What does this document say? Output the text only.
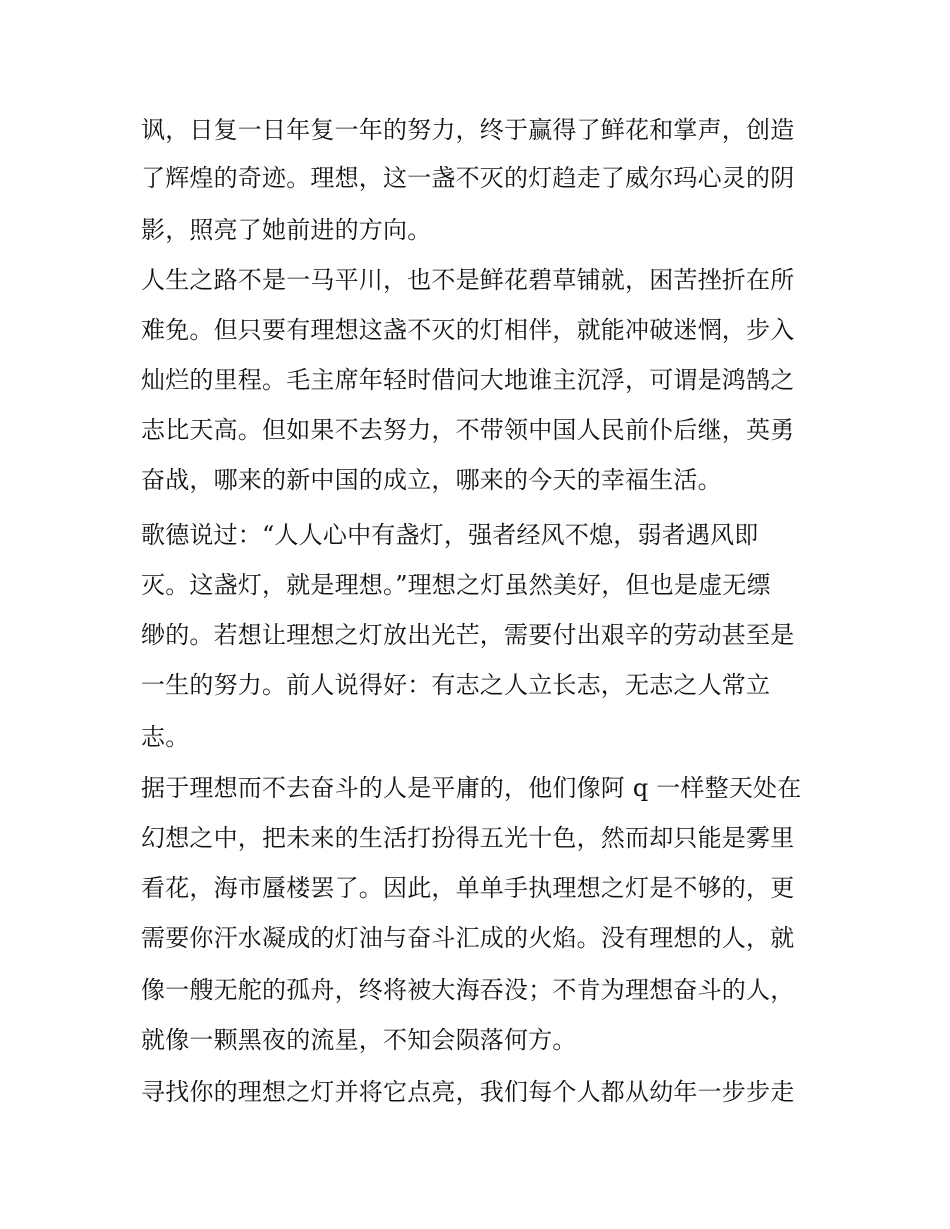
讽，日复一日年复一年的努力，终于赢得了鲜花和掌声，创造
了辉煌的奇迹。理想，这一盏不灭的灯趋走了威尔玛心灵的阴
影，照亮了她前进的方向。
人生之路不是一马平川，也不是鲜花碧草铺就，困苦挫折在所
难免。但只要有理想这盏不灭的灯相伴，就能冲破迷惘，步入
灿烂的里程。毛主席年轻时借问大地谁主沉浮，可谓是鸿鹄之
志比天高。但如果不去努力，不带领中国人民前仆后继，英勇
奋战，哪来的新中国的成立，哪来的今天的幸福生活。
歌德说过：“人人心中有盏灯，强者经风不熄，弱者遇风即
灭。这盏灯，就是理想。”理想之灯虽然美好，但也是虚无缥
缈的。若想让理想之灯放出光芒，需要付出艰辛的劳动甚至是
一生的努力。前人说得好：有志之人立长志，无志之人常立
志。
据于理想而不去奋斗的人是平庸的，他们像阿 q 一样整天处在
幻想之中，把未来的生活打扮得五光十色，然而却只能是雾里
看花，海市蜃楼罢了。因此，单单手执理想之灯是不够的，更
需要你汗水凝成的灯油与奋斗汇成的火焰。没有理想的人，就
像一艘无舵的孤舟，终将被大海吞没；不肯为理想奋斗的人，
就像一颗黑夜的流星，不知会陨落何方。
寻找你的理想之灯并将它点亮，我们每个人都从幼年一步步走
